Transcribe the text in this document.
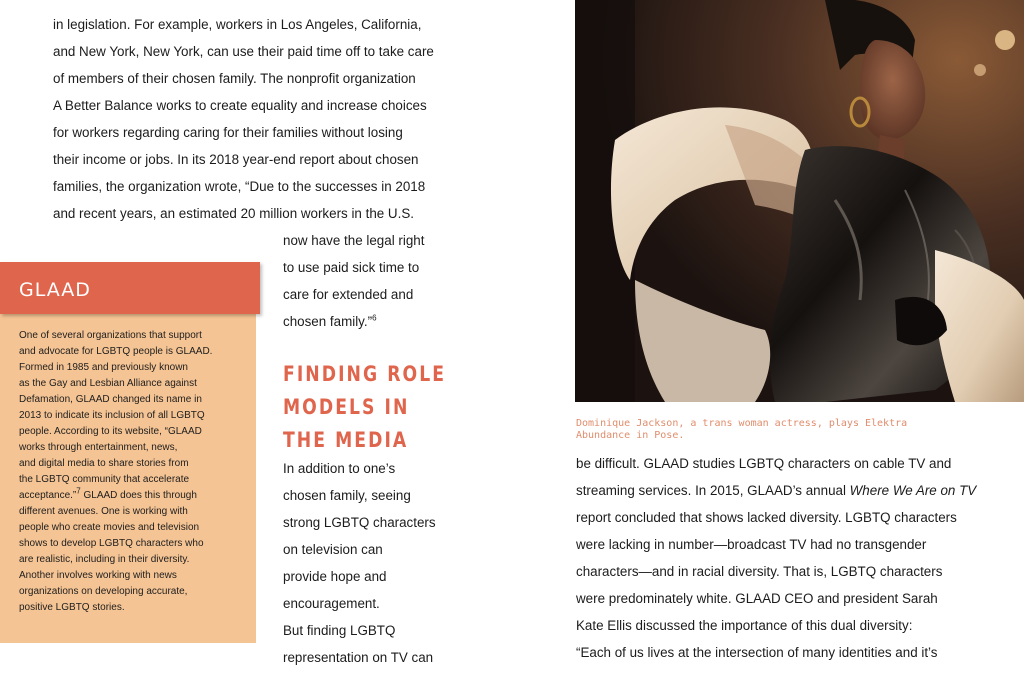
in legislation. For example, workers in Los Angeles, California,
and New York, New York, can use their paid time off to take care
of members of their chosen family. The nonprofit organization
A Better Balance works to create equality and increase choices
for workers regarding caring for their families without losing
their income or jobs. In its 2018 year-end report about chosen
families, the organization wrote, “Due to the successes in 2018
and recent years, an estimated 20 million workers in the U.S.
now have the legal right
to use paid sick time to
care for extended and
chosen family.”$^6$
GLAAD
One of several organizations that support
and advocate for LGBTQ people is GLAAD.
Formed in 1985 and previously known
as the Gay and Lesbian Alliance against
Defamation, GLAAD changed its name in
2013 to indicate its inclusion of all LGBTQ
people. According to its website, “GLAAD
works through entertainment, news,
and digital media to share stories from
the LGBTQ community that accelerate
acceptance.”$^7$ GLAAD does this through
different avenues. One is working with
people who create movies and television
shows to develop LGBTQ characters who
are realistic, including in their diversity.
Another involves working with news
organizations on developing accurate,
positive LGBTQ stories.
FINDING ROLE
MODELS IN
THE MEDIA
In addition to one’s
chosen family, seeing
strong LGBTQ characters
on television can
provide hope and
encouragement.
But finding LGBTQ
representation on TV can
Dominique Jackson, a trans woman actress, plays Elektra
Abundance in Pose.
be difficult. GLAAD studies LGBTQ characters on cable TV and
streaming services. In 2015, GLAAD’s annual Where We Are on TV
report concluded that shows lacked diversity. LGBTQ characters
were lacking in number—broadcast TV had no transgender
characters—and in racial diversity. That is, LGBTQ characters
were predominately white. GLAAD CEO and president Sarah
Kate Ellis discussed the importance of this dual diversity:
“Each of us lives at the intersection of many identities and it’s
